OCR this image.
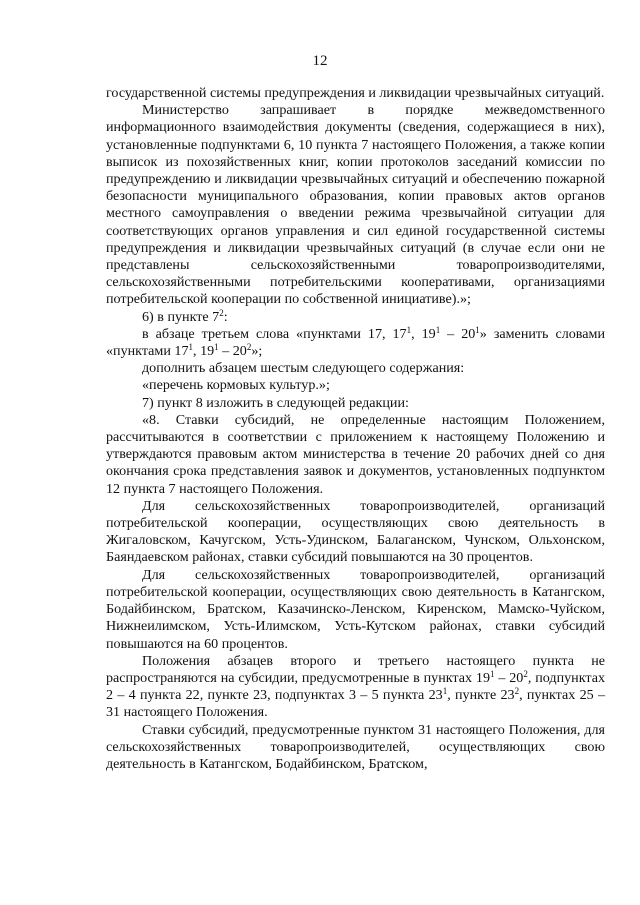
12

государственной системы предупреждения и ликвидации чрезвычайных ситуаций.

Министерство запрашивает в порядке межведомственного информационного взаимодействия документы (сведения, содержащиеся в них), установленные подпунктами 6, 10 пункта 7 настоящего Положения, а также копии выписок из похозяйственных книг, копии протоколов заседаний комиссии по предупреждению и ликвидации чрезвычайных ситуаций и обеспечению пожарной безопасности муниципального образования, копии правовых актов органов местного самоуправления о введении режима чрезвычайной ситуации для соответствующих органов управления и сил единой государственной системы предупреждения и ликвидации чрезвычайных ситуаций (в случае если они не представлены сельскохозяйственными товаропроизводителями, сельскохозяйственными потребительскими кооперативами, организациями потребительской кооперации по собственной инициативе).»;

6) в пункте $7^2$:

в абзаце третьем слова «пунктами 17, $17^1$, $19^1 - 20^1$» заменить словами «пунктами $17^1$, $19^1 - 20^2$»;

дополнить абзацем шестым следующего содержания:

«перечень кормовых культур.»;

7) пункт 8 изложить в следующей редакции:

«8. Ставки субсидий, не определенные настоящим Положением, рассчитываются в соответствии с приложением к настоящему Положению и утверждаются правовым актом министерства в течение 20 рабочих дней со дня окончания срока представления заявок и документов, установленных подпунктом 12 пункта 7 настоящего Положения.

Для сельскохозяйственных товаропроизводителей, организаций потребительской кооперации, осуществляющих свою деятельность в Жигаловском, Качугском, Усть-Удинском, Балаганском, Чунском, Ольхонском, Баяндаевском районах, ставки субсидий повышаются на 30 процентов.

Для сельскохозяйственных товаропроизводителей, организаций потребительской кооперации, осуществляющих свою деятельность в Катангском, Бодайбинском, Братском, Казачинско-Ленском, Киренском, Мамско-Чуйском, Нижнеилимском, Усть-Илимском, Усть-Кутском районах, ставки субсидий повышаются на 60 процентов.

Положения абзацев второго и третьего настоящего пункта не распространяются на субсидии, предусмотренные в пунктах $19^1 - 20^2$, подпунктах 2 – 4 пункта 22, пункте 23, подпунктах 3 – 5 пункта $23^1$, пункте $23^2$, пунктах 25 – 31 настоящего Положения.

Ставки субсидий, предусмотренные пунктом 31 настоящего Положения, для сельскохозяйственных товаропроизводителей, осуществляющих свою деятельность в Катангском, Бодайбинском, Братском,
